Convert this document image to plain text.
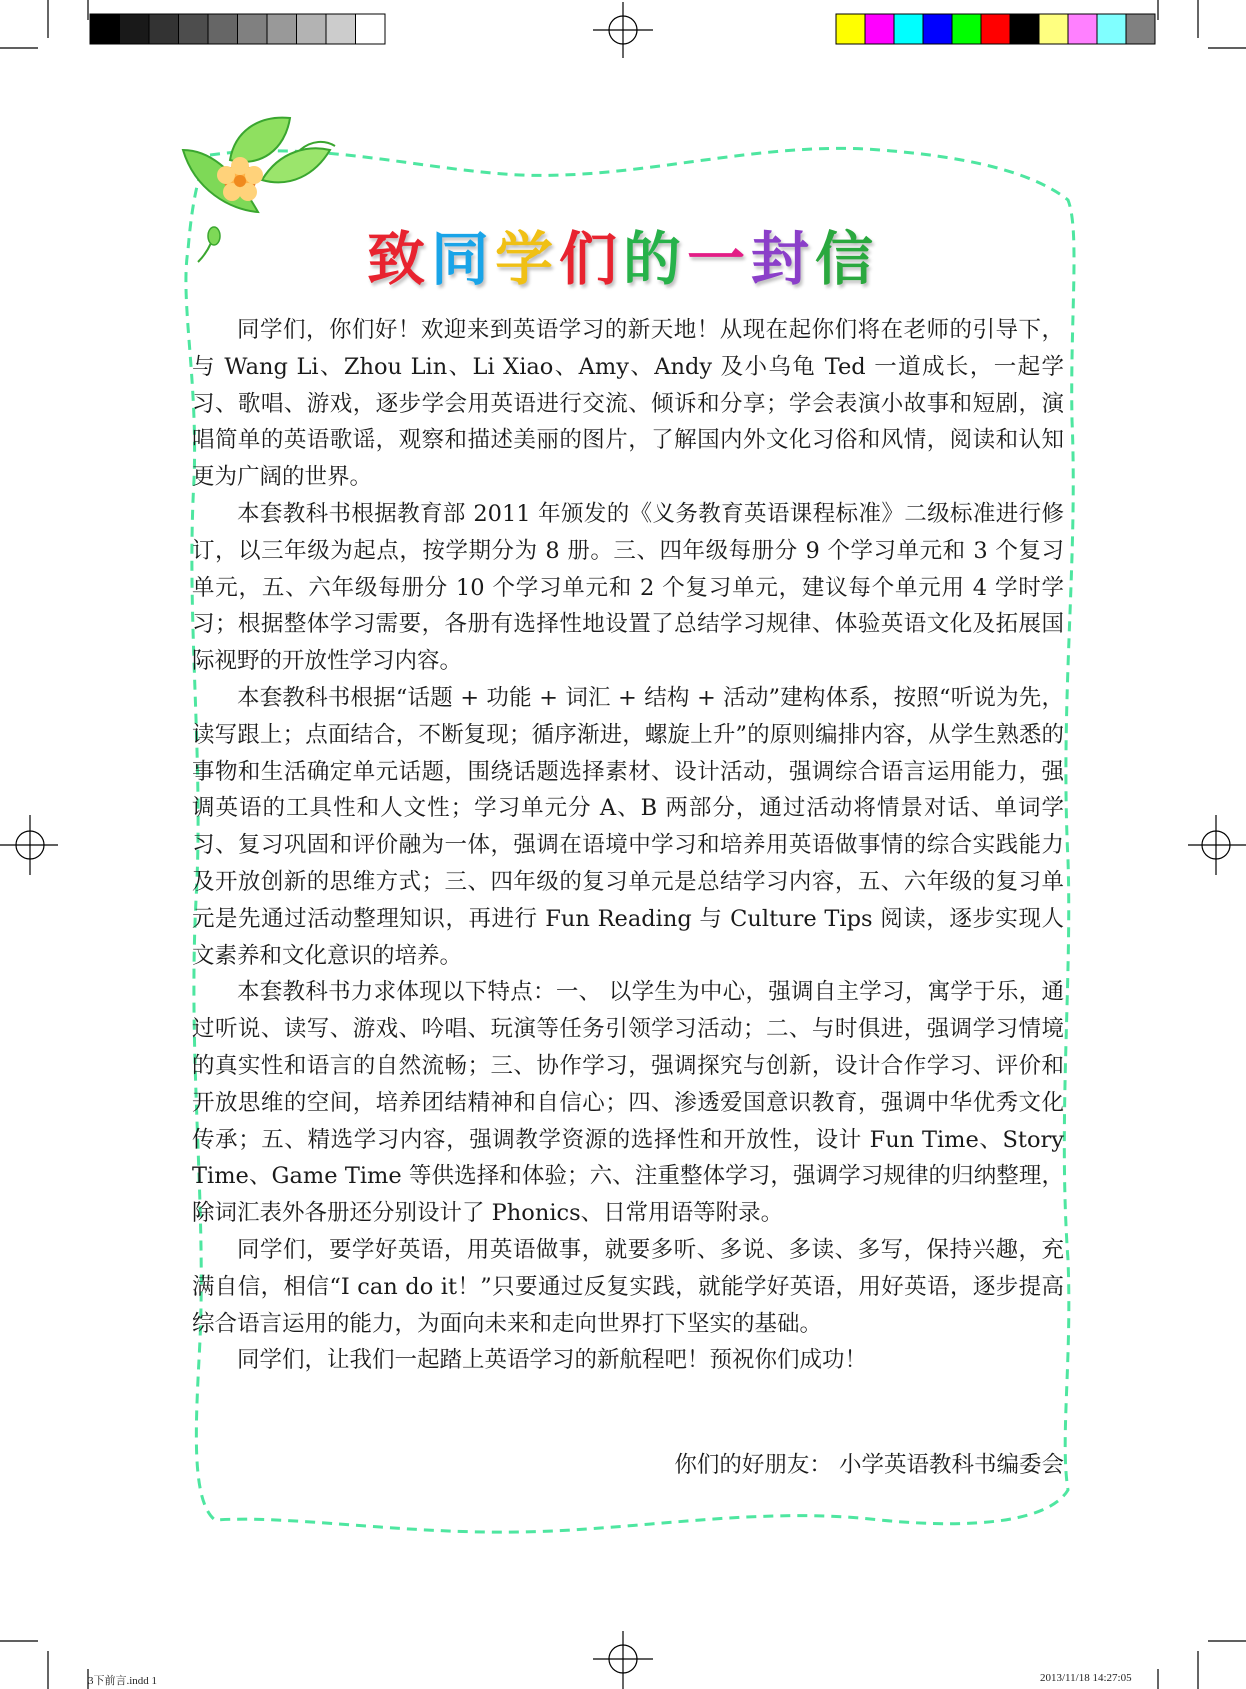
致同学们的一封信

同学们，你们好！欢迎来到英语学习的新天地！从现在起你们将在老师的引导下，与 Wang Li、Zhou Lin、Li Xiao、Amy、Andy 及小乌龟 Ted 一道成长，一起学习、歌唱、游戏，逐步学会用英语进行交流、倾诉和分享；学会表演小故事和短剧，演唱简单的英语歌谣，观察和描述美丽的图片，了解国内外文化习俗和风情，阅读和认知更为广阔的世界。

本套教科书根据教育部 2011 年颁发的《义务教育英语课程标准》二级标准进行修订，以三年级为起点，按学期分为 8 册。三、四年级每册分 9 个学习单元和 3 个复习单元，五、六年级每册分 10 个学习单元和 2 个复习单元，建议每个单元用 4 学时学习；根据整体学习需要，各册有选择性地设置了总结学习规律、体验英语文化及拓展国际视野的开放性学习内容。

本套教科书根据“话题 + 功能 + 词汇 + 结构 + 活动”建构体系，按照“听说为先，读写跟上；点面结合，不断复现；循序渐进，螺旋上升”的原则编排内容，从学生熟悉的事物和生活确定单元话题，围绕话题选择素材、设计活动，强调综合语言运用能力，强调英语的工具性和人文性；学习单元分 A、B 两部分，通过活动将情景对话、单词学习、复习巩固和评价融为一体，强调在语境中学习和培养用英语做事情的综合实践能力及开放创新的思维方式；三、四年级的复习单元是总结学习内容，五、六年级的复习单元是先通过活动整理知识，再进行 Fun Reading 与 Culture Tips 阅读，逐步实现人文素养和文化意识的培养。

本套教科书力求体现以下特点：一、 以学生为中心，强调自主学习，寓学于乐，通过听说、读写、游戏、吟唱、玩演等任务引领学习活动；二、与时俱进，强调学习情境的真实性和语言的自然流畅；三、协作学习，强调探究与创新，设计合作学习、评价和开放思维的空间，培养团结精神和自信心；四、渗透爱国意识教育，强调中华优秀文化传承；五、精选学习内容，强调教学资源的选择性和开放性，设计 Fun Time、Story Time、Game Time 等供选择和体验；六、注重整体学习，强调学习规律的归纳整理，除词汇表外各册还分别设计了 Phonics、日常用语等附录。

同学们，要学好英语，用英语做事，就要多听、多说、多读、多写，保持兴趣，充满自信，相信“I can do it！”只要通过反复实践，就能学好英语，用好英语，逐步提高综合语言运用的能力，为面向未来和走向世界打下坚实的基础。

同学们，让我们一起踏上英语学习的新航程吧！预祝你们成功！

你们的好朋友： 小学英语教科书编委会
3下前言.indd 1	2013/11/18 14:27:05
